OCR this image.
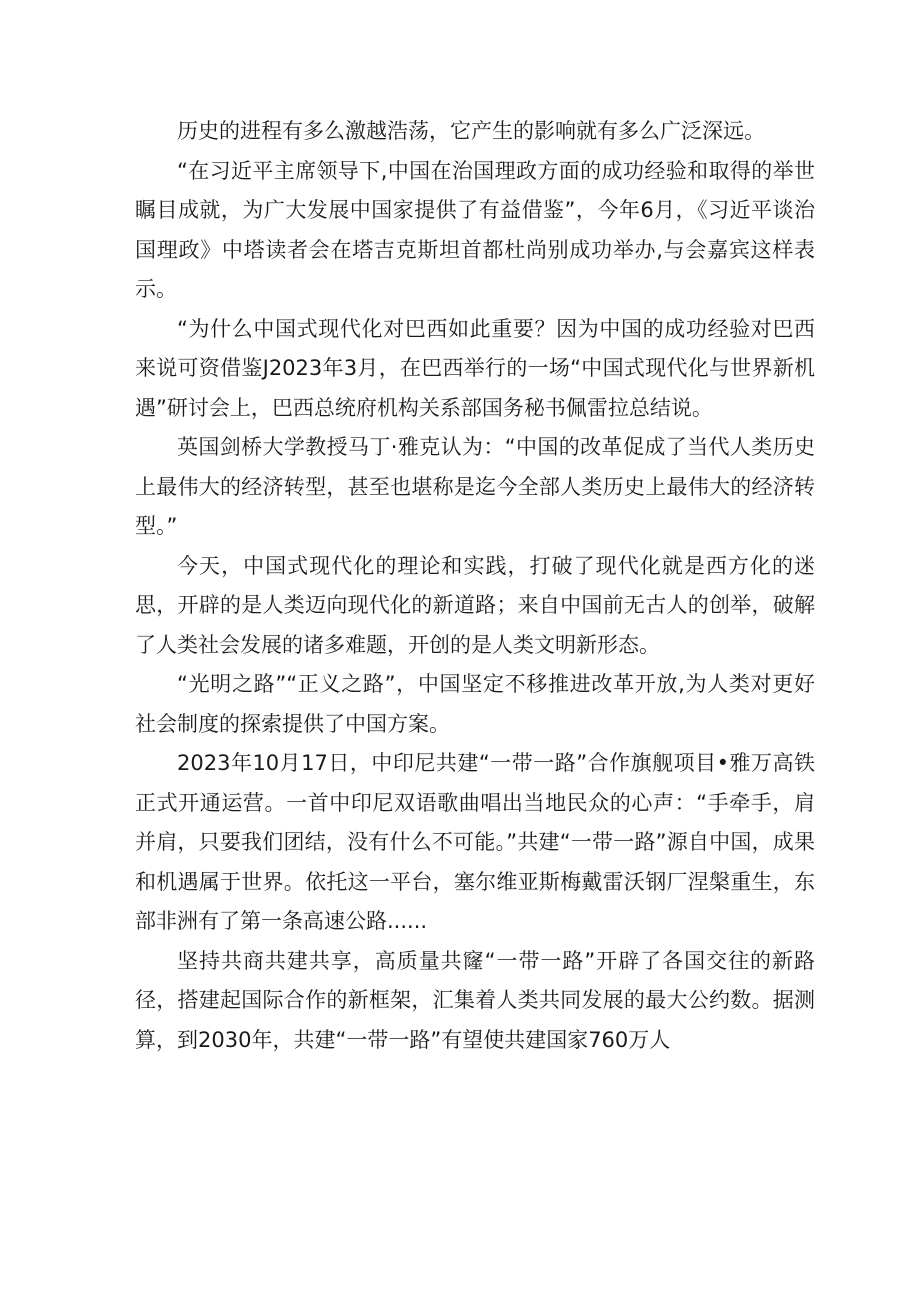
历史的进程有多么激越浩荡，它产生的影响就有多么广泛深远。

“在习近平主席领导下,中国在治国理政方面的成功经验和取得的举世瞩目成就，为广大发展中国家提供了有益借鉴”，今年6月，《习近平谈治国理政》中塔读者会在塔吉克斯坦首都杜尚别成功举办,与会嘉宾这样表示。

“为什么中国式现代化对巴西如此重要？因为中国的成功经验对巴西来说可资借鉴J2023年3月，在巴西举行的一场“中国式现代化与世界新机遇”研讨会上，巴西总统府机构关系部国务秘书佩雷拉总结说。

英国剑桥大学教授马丁·雅克认为：“中国的改革促成了当代人类历史上最伟大的经济转型，甚至也堪称是迄今全部人类历史上最伟大的经济转型。”

今天，中国式现代化的理论和实践，打破了现代化就是西方化的迷思，开辟的是人类迈向现代化的新道路；来自中国前无古人的创举，破解了人类社会发展的诸多难题，开创的是人类文明新形态。

“光明之路”“正义之路”，中国坚定不移推进改革开放,为人类对更好社会制度的探索提供了中国方案。

2023年10月17日，中印尼共建“一带一路”合作旗舰项目•雅万高铁正式开通运营。一首中印尼双语歌曲唱出当地民众的心声：“手牵手，肩并肩，只要我们团结，没有什么不可能。”共建“一带一路”源自中国，成果和机遇属于世界。依托这一平台，塞尔维亚斯梅戴雷沃钢厂涅槃重生，东部非洲有了第一条高速公路......

坚持共商共建共享，高质量共窿“一带一路”开辟了各国交往的新路径，搭建起国际合作的新框架，汇集着人类共同发展的最大公约数。据测算，到2030年，共建“一带一路”有望使共建国家760万人
